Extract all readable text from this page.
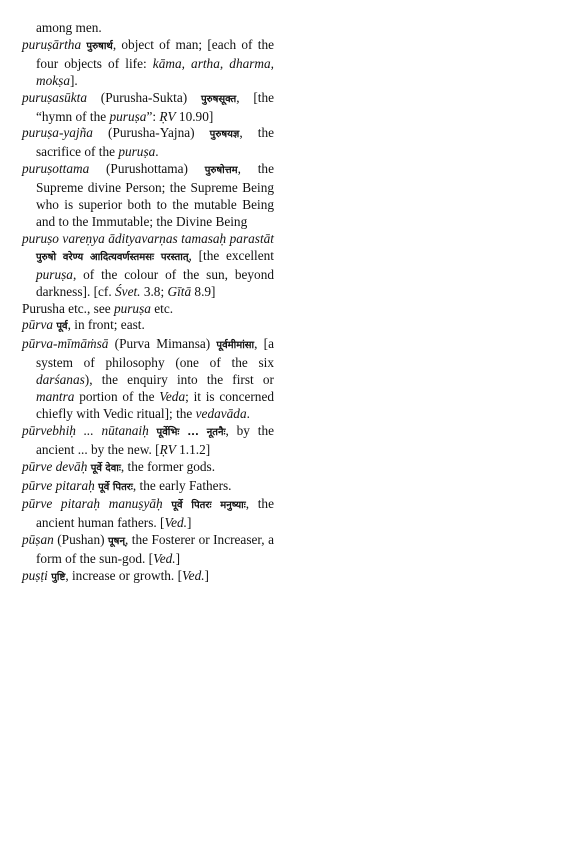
among men.

puruṣārtha पुरुषार्थ, object of man; [each of the four objects of life: kāma, artha, dharma, mokṣa].

puruṣasūkta (Purusha-Sukta) पुरुषसूक्त, [the “hymn of the puruṣa”: ṚV 10.90]

puruṣa-yajña (Purusha-Yajna) पुरुषयज्ञ, the sacrifice of the puruṣa.

puruṣottama (Purushottama) पुरुषोत्तम, the Supreme divine Person; the Supreme Being who is superior both to the mutable Being and to the Immutable; the Divine Being

puruṣo vareṇya ādityavarṇas tamasaḥ parastāt पुरुषो वरेण्य आदित्यवर्णस्तमसः परस्तात्, [the excellent puruṣa, of the colour of the sun, beyond darkness]. [cf. Śvet. 3.8; Gītā 8.9]

Purusha etc., see puruṣa etc.

pūrva पूर्व, in front; east.

pūrva-mīmāṁsā (Purva Mimansa) पूर्वमीमांसा, [a system of philosophy (one of the six darśanas), the enquiry into the first or mantra portion of the Veda; it is concerned chiefly with Vedic ritual]; the vedavāda.

pūrvebhiḥ ... nūtanaiḥ पूर्वेभिः ... नूतनैः, by the ancient ... by the new. [ṚV 1.1.2]

pūrve devāḥ पूर्वे देवाः, the former gods.

pūrve pitaraḥ पूर्वे पितरः, the early Fathers.

pūrve pitaraḥ manuṣyāḥ पूर्वे पितरः मनुष्याः, the ancient human fathers. [Ved.]

pūṣan (Pushan) पूषन्, the Fosterer or Increaser, a form of the sun-god. [Ved.]

puṣṭi पुष्टि, increase or growth. [Ved.]
